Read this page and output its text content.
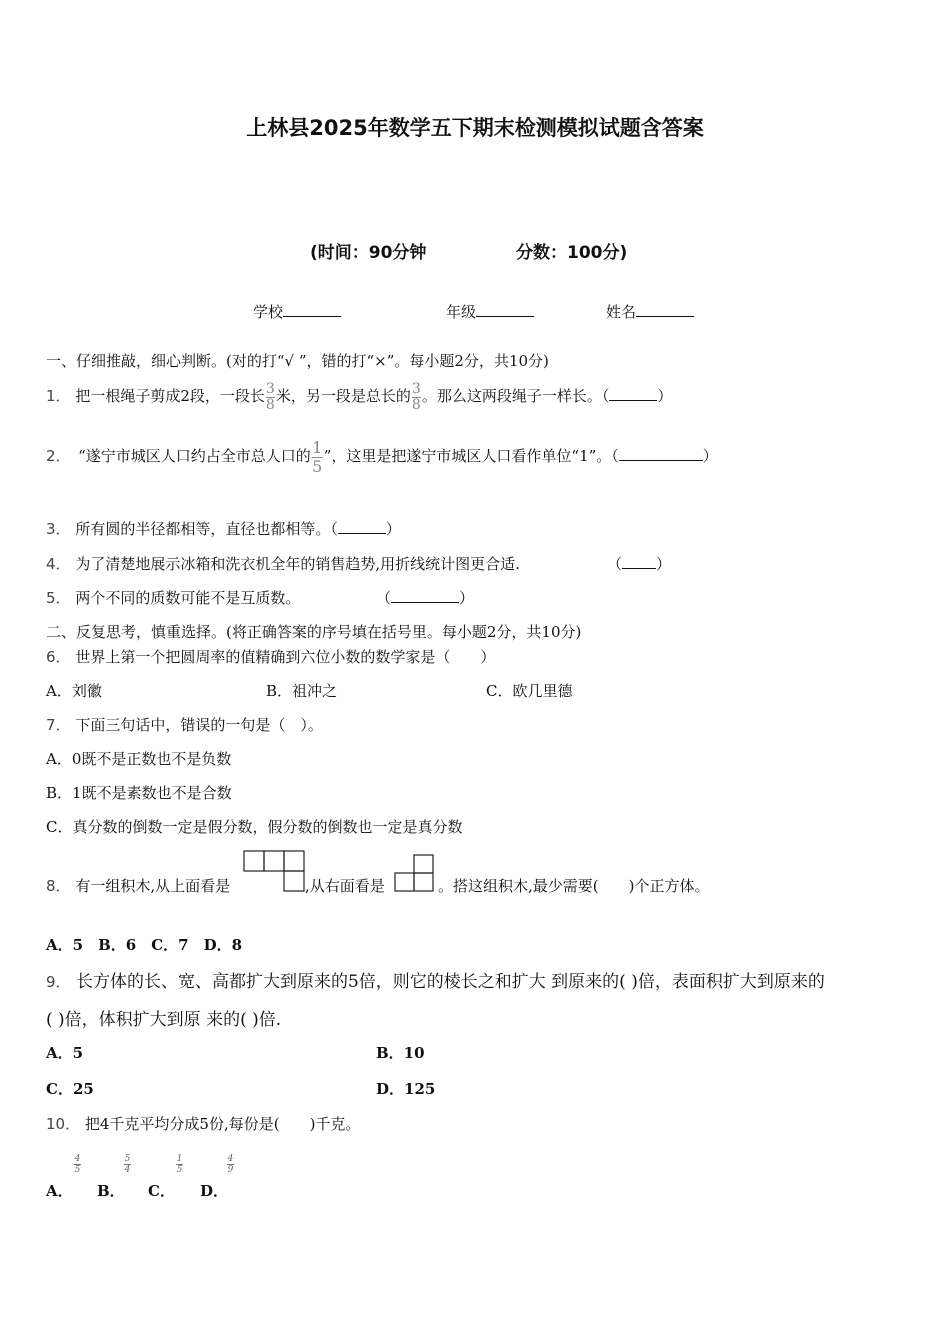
上林县2025年数学五下期末检测模拟试题含答案
(时间：90分钟	分数：100分)
学校	年级	姓名
一、仔细推敲，细心判断。(对的打“√ ”，错的打“×”。每小题2分，共10分)
1． 把一根绳子剪成2段，一段长 $\frac{3}{8}$ 米，另一段是总长的 $\frac{3}{8}$ 。那么这两段绳子一样长。（	）
2．　 “遂宁市城区人口约占全市总人口的 $\frac{1}{5}$ ”，这里是把遂宁市城区人口看作单位“1”。（	）
3． 所有圆的半径都相等，直径也都相等。（	）
4． 为了清楚地展示冰箱和洗衣机全年的销售趋势,用折线统计图更合适.	（ ）
5． 两个不同的质数可能不是互质数。	（	）
二、反复思考，慎重选择。(将正确答案的序号填在括号里。每小题2分，共10分)
6． 世界上第一个把圆周率的值精确到六位小数的数学家是（　　）
A．刘徽	B．祖冲之	C．欧几里德
7． 下面三句话中，错误的一句是（　）。
A．0既不是正数也不是负数
B．1既不是素数也不是合数
C．真分数的倒数一定是假分数，假分数的倒数也一定是真分数
8． 有一组积木,从上面看是	,从右面看是	。搭这组积木,最少需要(　　)个正方体。
A．5　B．6　C．7　D．8
9． 长方体的长、宽、高都扩大到原来的5倍，则它的棱长之和扩大 到原来的( )倍，表面积扩大到原来的
( )倍，体积扩大到原 来的( )倍.
A．5	B．10
C．25	D．125
10． 把4千克平均分成5份,每份是(　　)千克。
A．
4
5
B．
5
4
C．
1
5
D．
4
9
